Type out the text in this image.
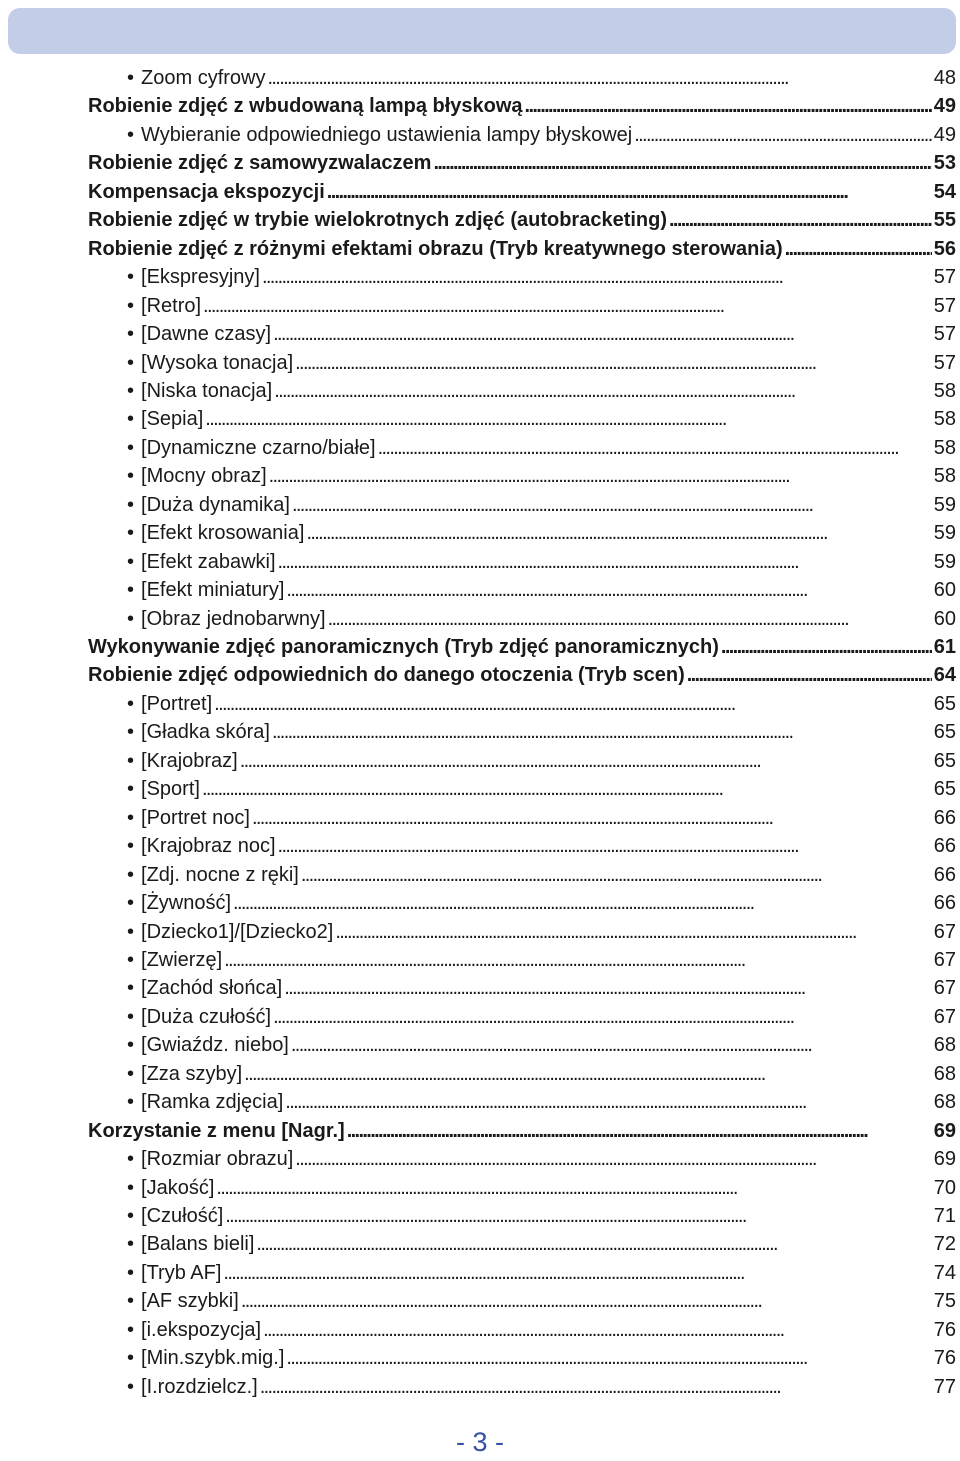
• Zoom cyfrowy . . .	48
Robienie zdjęć z wbudowaną lampą błyskową . . .	49
• Wybieranie odpowiedniego ustawienia lampy błyskowej . . .	49
Robienie zdjęć z samowyzwalaczem . . .	53
Kompensacja ekspozycji . . .	54
Robienie zdjęć w trybie wielokrotnych zdjęć (autobracketing) . . .	55
Robienie zdjęć z różnymi efektami obrazu (Tryb kreatywnego sterowania) . . .	56
• [Ekspresyjny] . . .	57
• [Retro] . . .	57
• [Dawne czasy] . . .	57
• [Wysoka tonacja] . . .	57
• [Niska tonacja] . . .	58
• [Sepia] . . .	58
• [Dynamiczne czarno/białe] . . .	58
• [Mocny obraz] . . .	58
• [Duża dynamika] . . .	59
• [Efekt krosowania] . . .	59
• [Efekt zabawki] . . .	59
• [Efekt miniatury] . . .	60
• [Obraz jednobarwny] . . .	60
Wykonywanie zdjęć panoramicznych (Tryb zdjęć panoramicznych) . . .	61
Robienie zdjęć odpowiednich do danego otoczenia (Tryb scen) . . .	64
• [Portret] . . .	65
• [Gładka skóra] . . .	65
• [Krajobraz] . . .	65
• [Sport] . . .	65
• [Portret noc] . . .	66
• [Krajobraz noc] . . .	66
• [Zdj. nocne z ręki] . . .	66
• [Żywność] . . .	66
• [Dziecko1]/[Dziecko2] . . .	67
• [Zwierzę] . . .	67
• [Zachód słońca] . . .	67
• [Duża czułość] . . .	67
• [Gwiaźdz. niebo] . . .	68
• [Zza szyby] . . .	68
• [Ramka zdjęcia] . . .	68
Korzystanie z menu [Nagr.] . . .	69
• [Rozmiar obrazu] . . .	69
• [Jakość] . . .	70
• [Czułość] . . .	71
• [Balans bieli] . . .	72
• [Tryb AF] . . .	74
• [AF szybki] . . .	75
• [i.ekspozycja] . . .	76
• [Min.szybk.mig.] . . .	76
• [I.rozdzielcz.] . . .	77
- 3 -
